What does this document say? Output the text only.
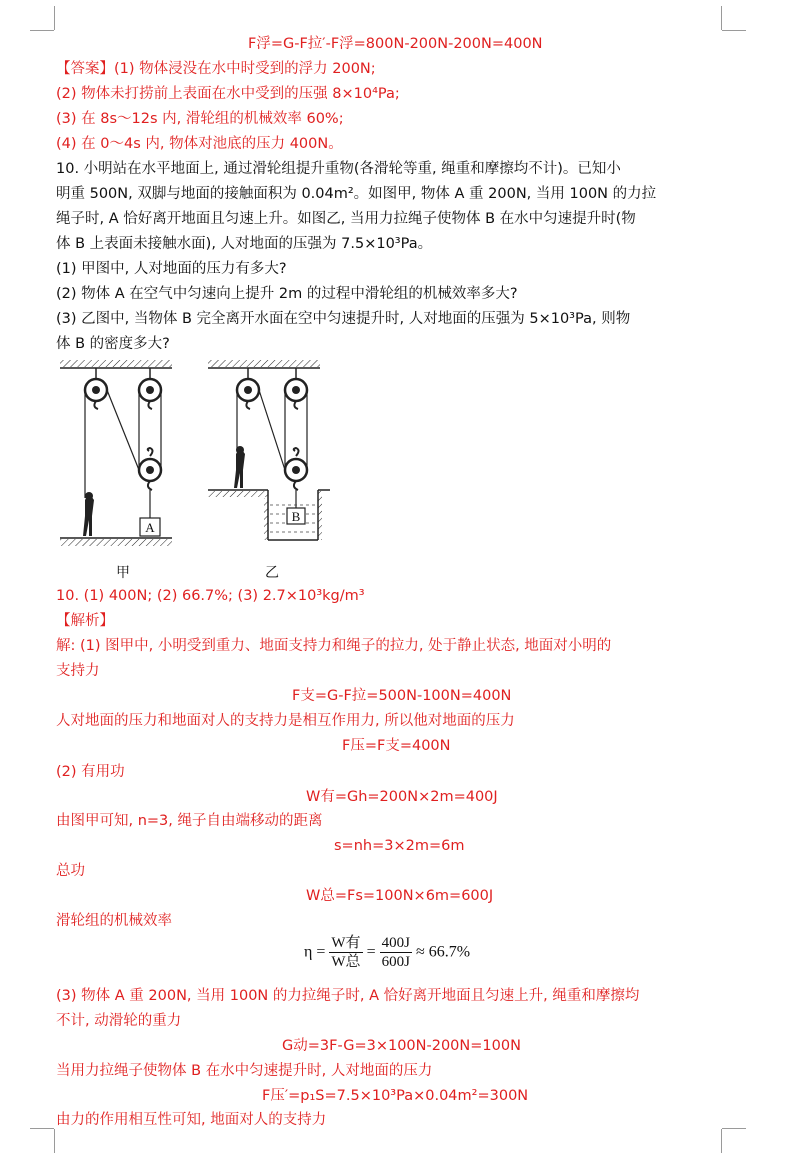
F浮=G-F拉′-F浮=800N-200N-200N=400N
【答案】(1) 物体浸没在水中时受到的浮力 200N;
(2) 物体未打捞前上表面在水中受到的压强 8×10⁴Pa;
(3) 在 8s～12s 内, 滑轮组的机械效率 60%;
(4) 在 0～4s 内, 物体对池底的压力 400N。
10. 小明站在水平地面上, 通过滑轮组提升重物(各滑轮等重, 绳重和摩擦均不计)。已知小
明重 500N, 双脚与地面的接触面积为 0.04m²。如图甲, 物体 A 重 200N, 当用 100N 的力拉
绳子时, A 恰好离开地面且匀速上升。如图乙, 当用力拉绳子使物体 B 在水中匀速提升时(物
体 B 上表面未接触水面), 人对地面的压强为 7.5×10³Pa。
(1) 甲图中, 人对地面的压力有多大?
(2) 物体 A 在空气中匀速向上提升 2m 的过程中滑轮组的机械效率多大?
(3) 乙图中, 当物体 B 完全离开水面在空中匀速提升时, 人对地面的压强为 5×10³Pa, 则物
体 B 的密度多大?
A
甲
B
乙
10. (1) 400N; (2) 66.7%; (3) 2.7×10³kg/m³
【解析】
解: (1) 图甲中, 小明受到重力、地面支持力和绳子的拉力, 处于静止状态, 地面对小明的
支持力
F支=G-F拉=500N-100N=400N
人对地面的压力和地面对人的支持力是相互作用力, 所以他对地面的压力
F压=F支=400N
(2) 有用功
W有=Gh=200N×2m=400J
由图甲可知, n=3, 绳子自由端移动的距离
s=nh=3×2m=6m
总功
W总=Fs=100N×6m=600J
滑轮组的机械效率
$\eta = \frac{\text{W有}}{\text{W总}} = \frac{400J}{600J} \approx 66.7\%$
(3) 物体 A 重 200N, 当用 100N 的力拉绳子时, A 恰好离开地面且匀速上升, 绳重和摩擦均
不计, 动滑轮的重力
G动=3F-G=3×100N-200N=100N
当用力拉绳子使物体 B 在水中匀速提升时, 人对地面的压力
F压′=p₁S=7.5×10³Pa×0.04m²=300N
由力的作用相互性可知, 地面对人的支持力
